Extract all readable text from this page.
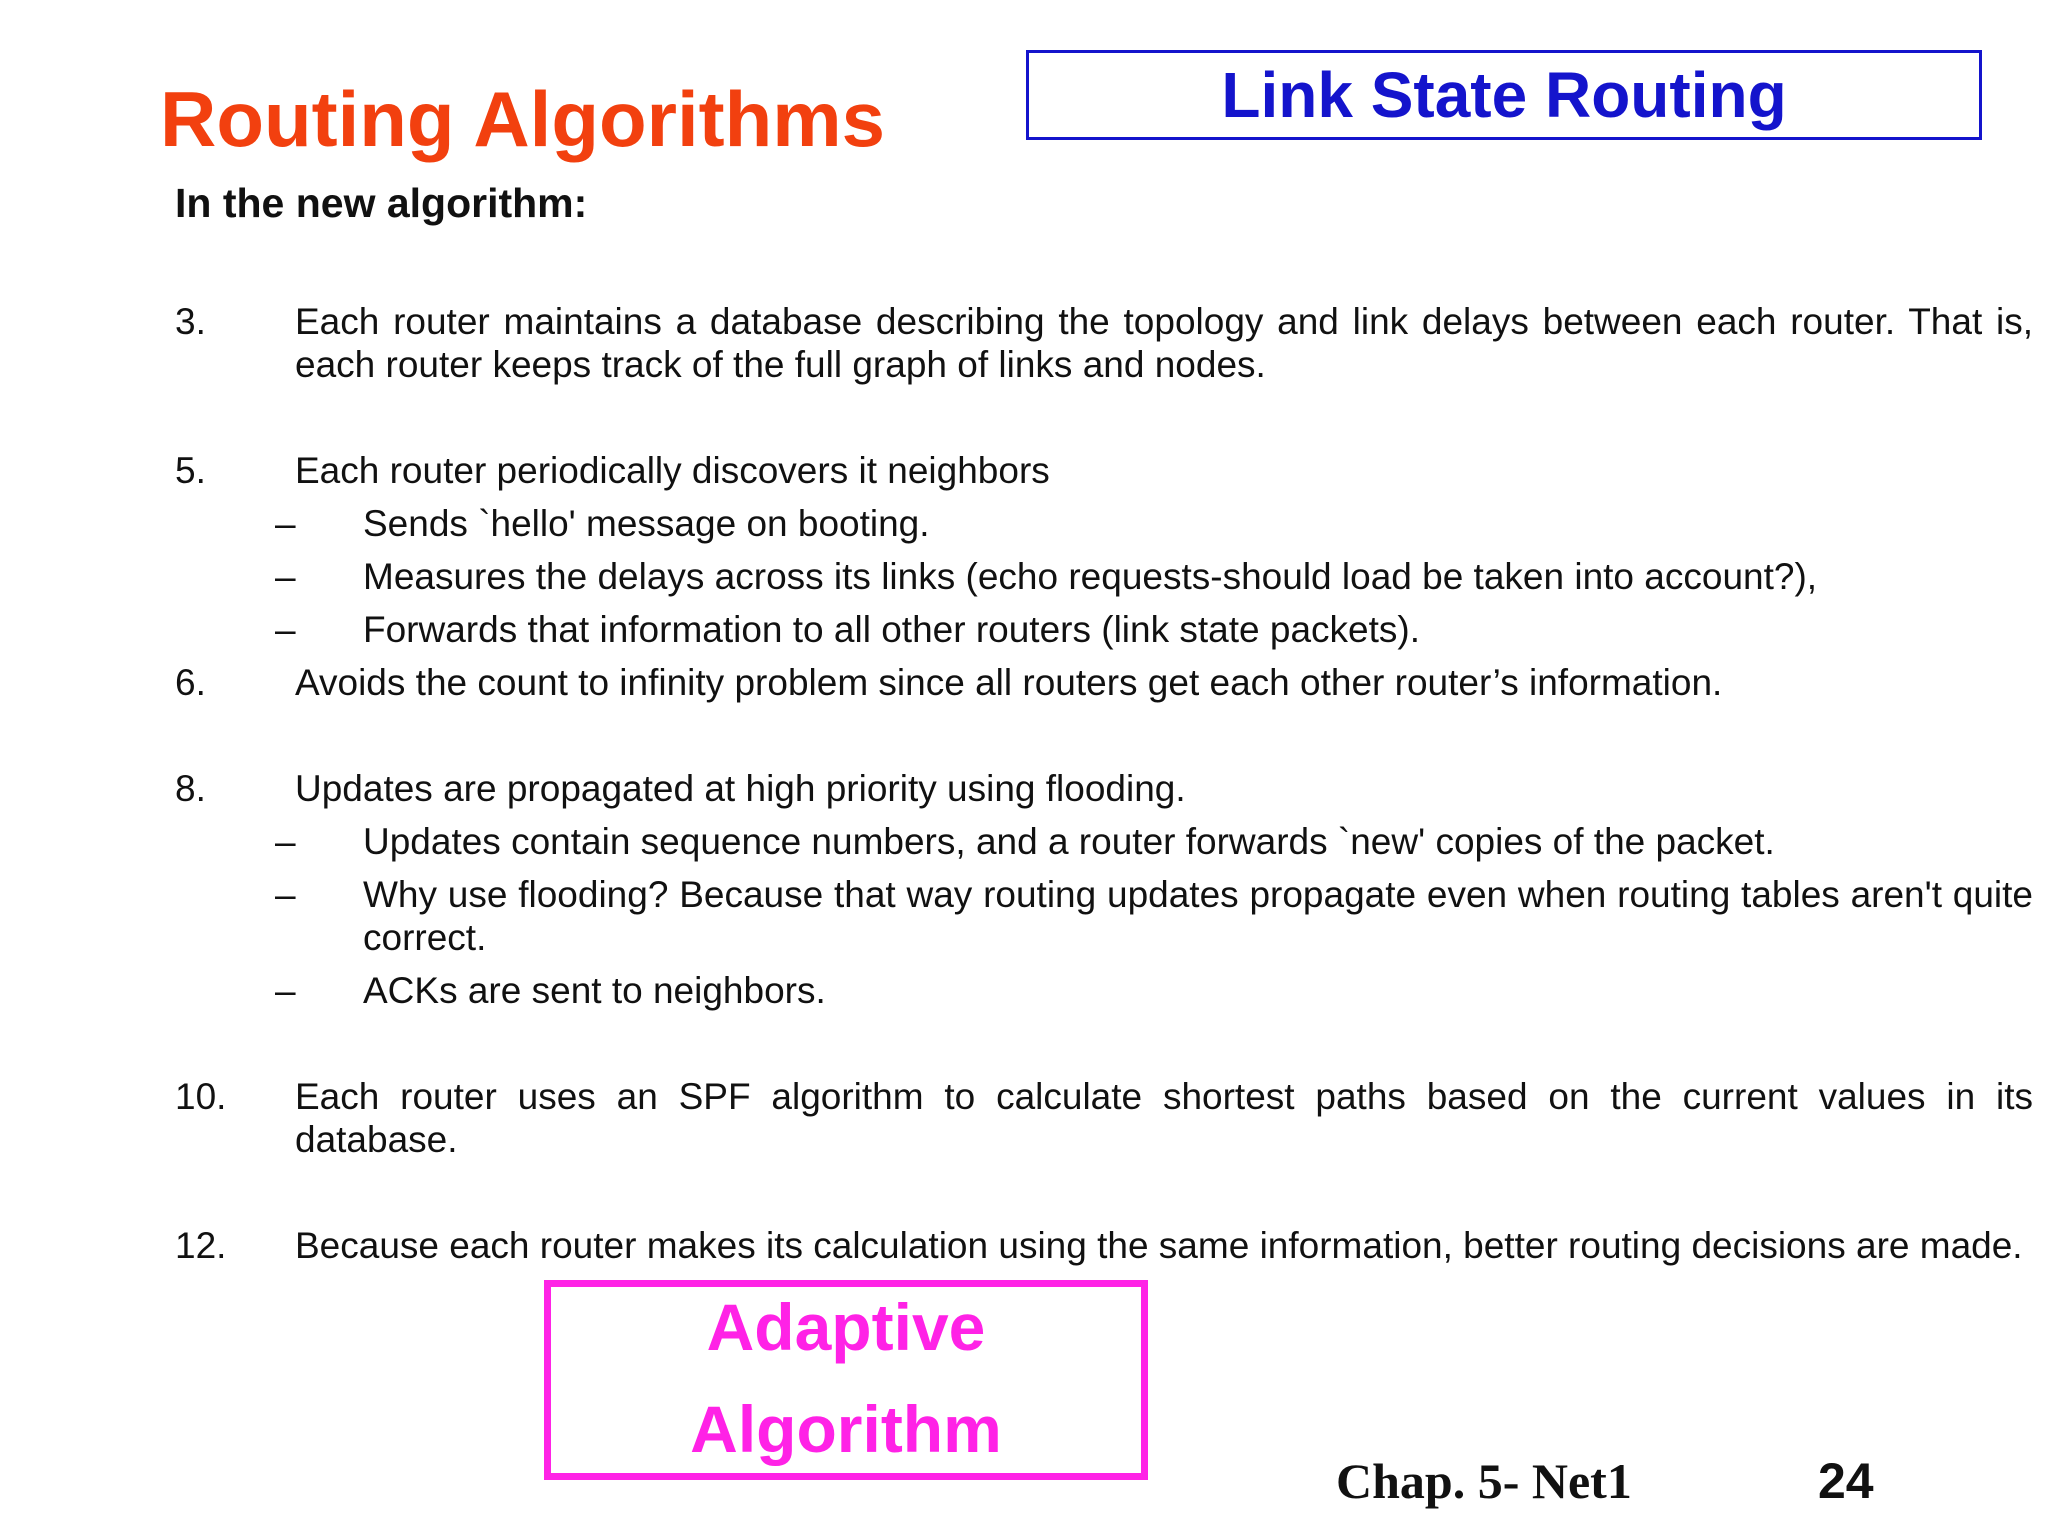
Routing Algorithms	Link State Routing
In the new algorithm:
3. Each router maintains a database describing the topology and link delays between each router. That is, each router keeps track of the full graph of links and nodes.
5. Each router periodically discovers it neighbors
– Sends `hello' message on booting.
– Measures the delays across its links (echo requests-should load be taken into account?),
– Forwards that information to all other routers (link state packets).
6. Avoids the count to infinity problem since all routers get each other router’s information.
8. Updates are propagated at high priority using flooding.
– Updates contain sequence numbers, and a router forwards `new' copies of the packet.
– Why use flooding? Because that way routing updates propagate even when routing tables aren't quite correct.
– ACKs are sent to neighbors.
10. Each router uses an SPF algorithm to calculate shortest paths based on the current values in its database.
12. Because each router makes its calculation using the same information, better routing decisions are made.
Adaptive
Algorithm
Chap. 5- Net1	24
